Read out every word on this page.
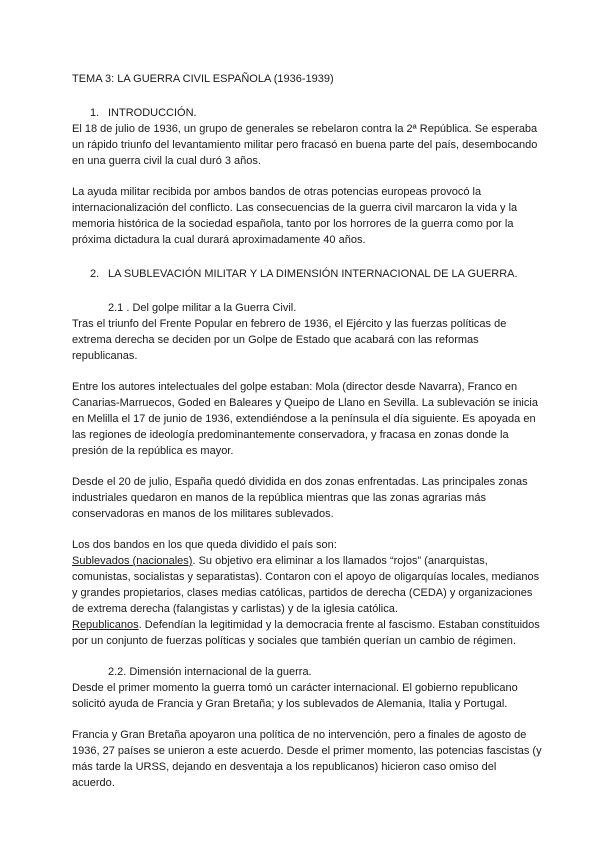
TEMA 3: LA GUERRA CIVIL ESPAÑOLA (1936-1939)

1. INTRODUCCIÓN.

El 18 de julio de 1936, un grupo de generales se rebelaron contra la 2ª República. Se esperaba un rápido triunfo del levantamiento militar pero fracasó en buena parte del país, desembocando en una guerra civil la cual duró 3 años.

La ayuda militar recibida por ambos bandos de otras potencias europeas provocó la internacionalización del conflicto. Las consecuencias de la guerra civil marcaron la vida y la memoria histórica de la sociedad española, tanto por los horrores de la guerra como por la próxima dictadura la cual durará aproximadamente 40 años.

2. LA SUBLEVACIÓN MILITAR Y LA DIMENSIÓN INTERNACIONAL DE LA GUERRA.

2.1 . Del golpe militar a la Guerra Civil.

Tras el triunfo del Frente Popular en febrero de 1936, el Ejército y las fuerzas políticas de extrema derecha se deciden por un Golpe de Estado que acabará con las reformas republicanas.

Entre los autores intelectuales del golpe estaban: Mola (director desde Navarra), Franco en Canarias-Marruecos, Goded en Baleares y Queipo de Llano en Sevilla. La sublevación se inicia en Melilla el 17 de junio de 1936, extendiéndose a la península el día siguiente. Es apoyada en las regiones de ideología predominantemente conservadora, y fracasa en zonas donde la presión de la república es mayor.

Desde el 20 de julio, España quedó dividida en dos zonas enfrentadas. Las principales zonas industriales quedaron en manos de la república mientras que las zonas agrarias más conservadoras en manos de los militares sublevados.

Los dos bandos en los que queda dividido el país son:

Sublevados (nacionales). Su objetivo era eliminar a los llamados “rojos” (anarquistas, comunistas, socialistas y separatistas). Contaron con el apoyo de oligarquías locales, medianos y grandes propietarios, clases medias católicas, partidos de derecha (CEDA) y organizaciones de extrema derecha (falangistas y carlistas) y de la iglesia católica.

Republicanos. Defendían la legitimidad y la democracia frente al fascismo. Estaban constituidos por un conjunto de fuerzas políticas y sociales que también querían un cambio de régimen.

2.2. Dimensión internacional de la guerra.

Desde el primer momento la guerra tomó un carácter internacional. El gobierno republicano solicitó ayuda de Francia y Gran Bretaña; y los sublevados de Alemania, Italia y Portugal.

Francia y Gran Bretaña apoyaron una política de no intervención, pero a finales de agosto de 1936, 27 países se unieron a este acuerdo. Desde el primer momento, las potencias fascistas (y más tarde la URSS, dejando en desventaja a los republicanos) hicieron caso omiso del acuerdo.
